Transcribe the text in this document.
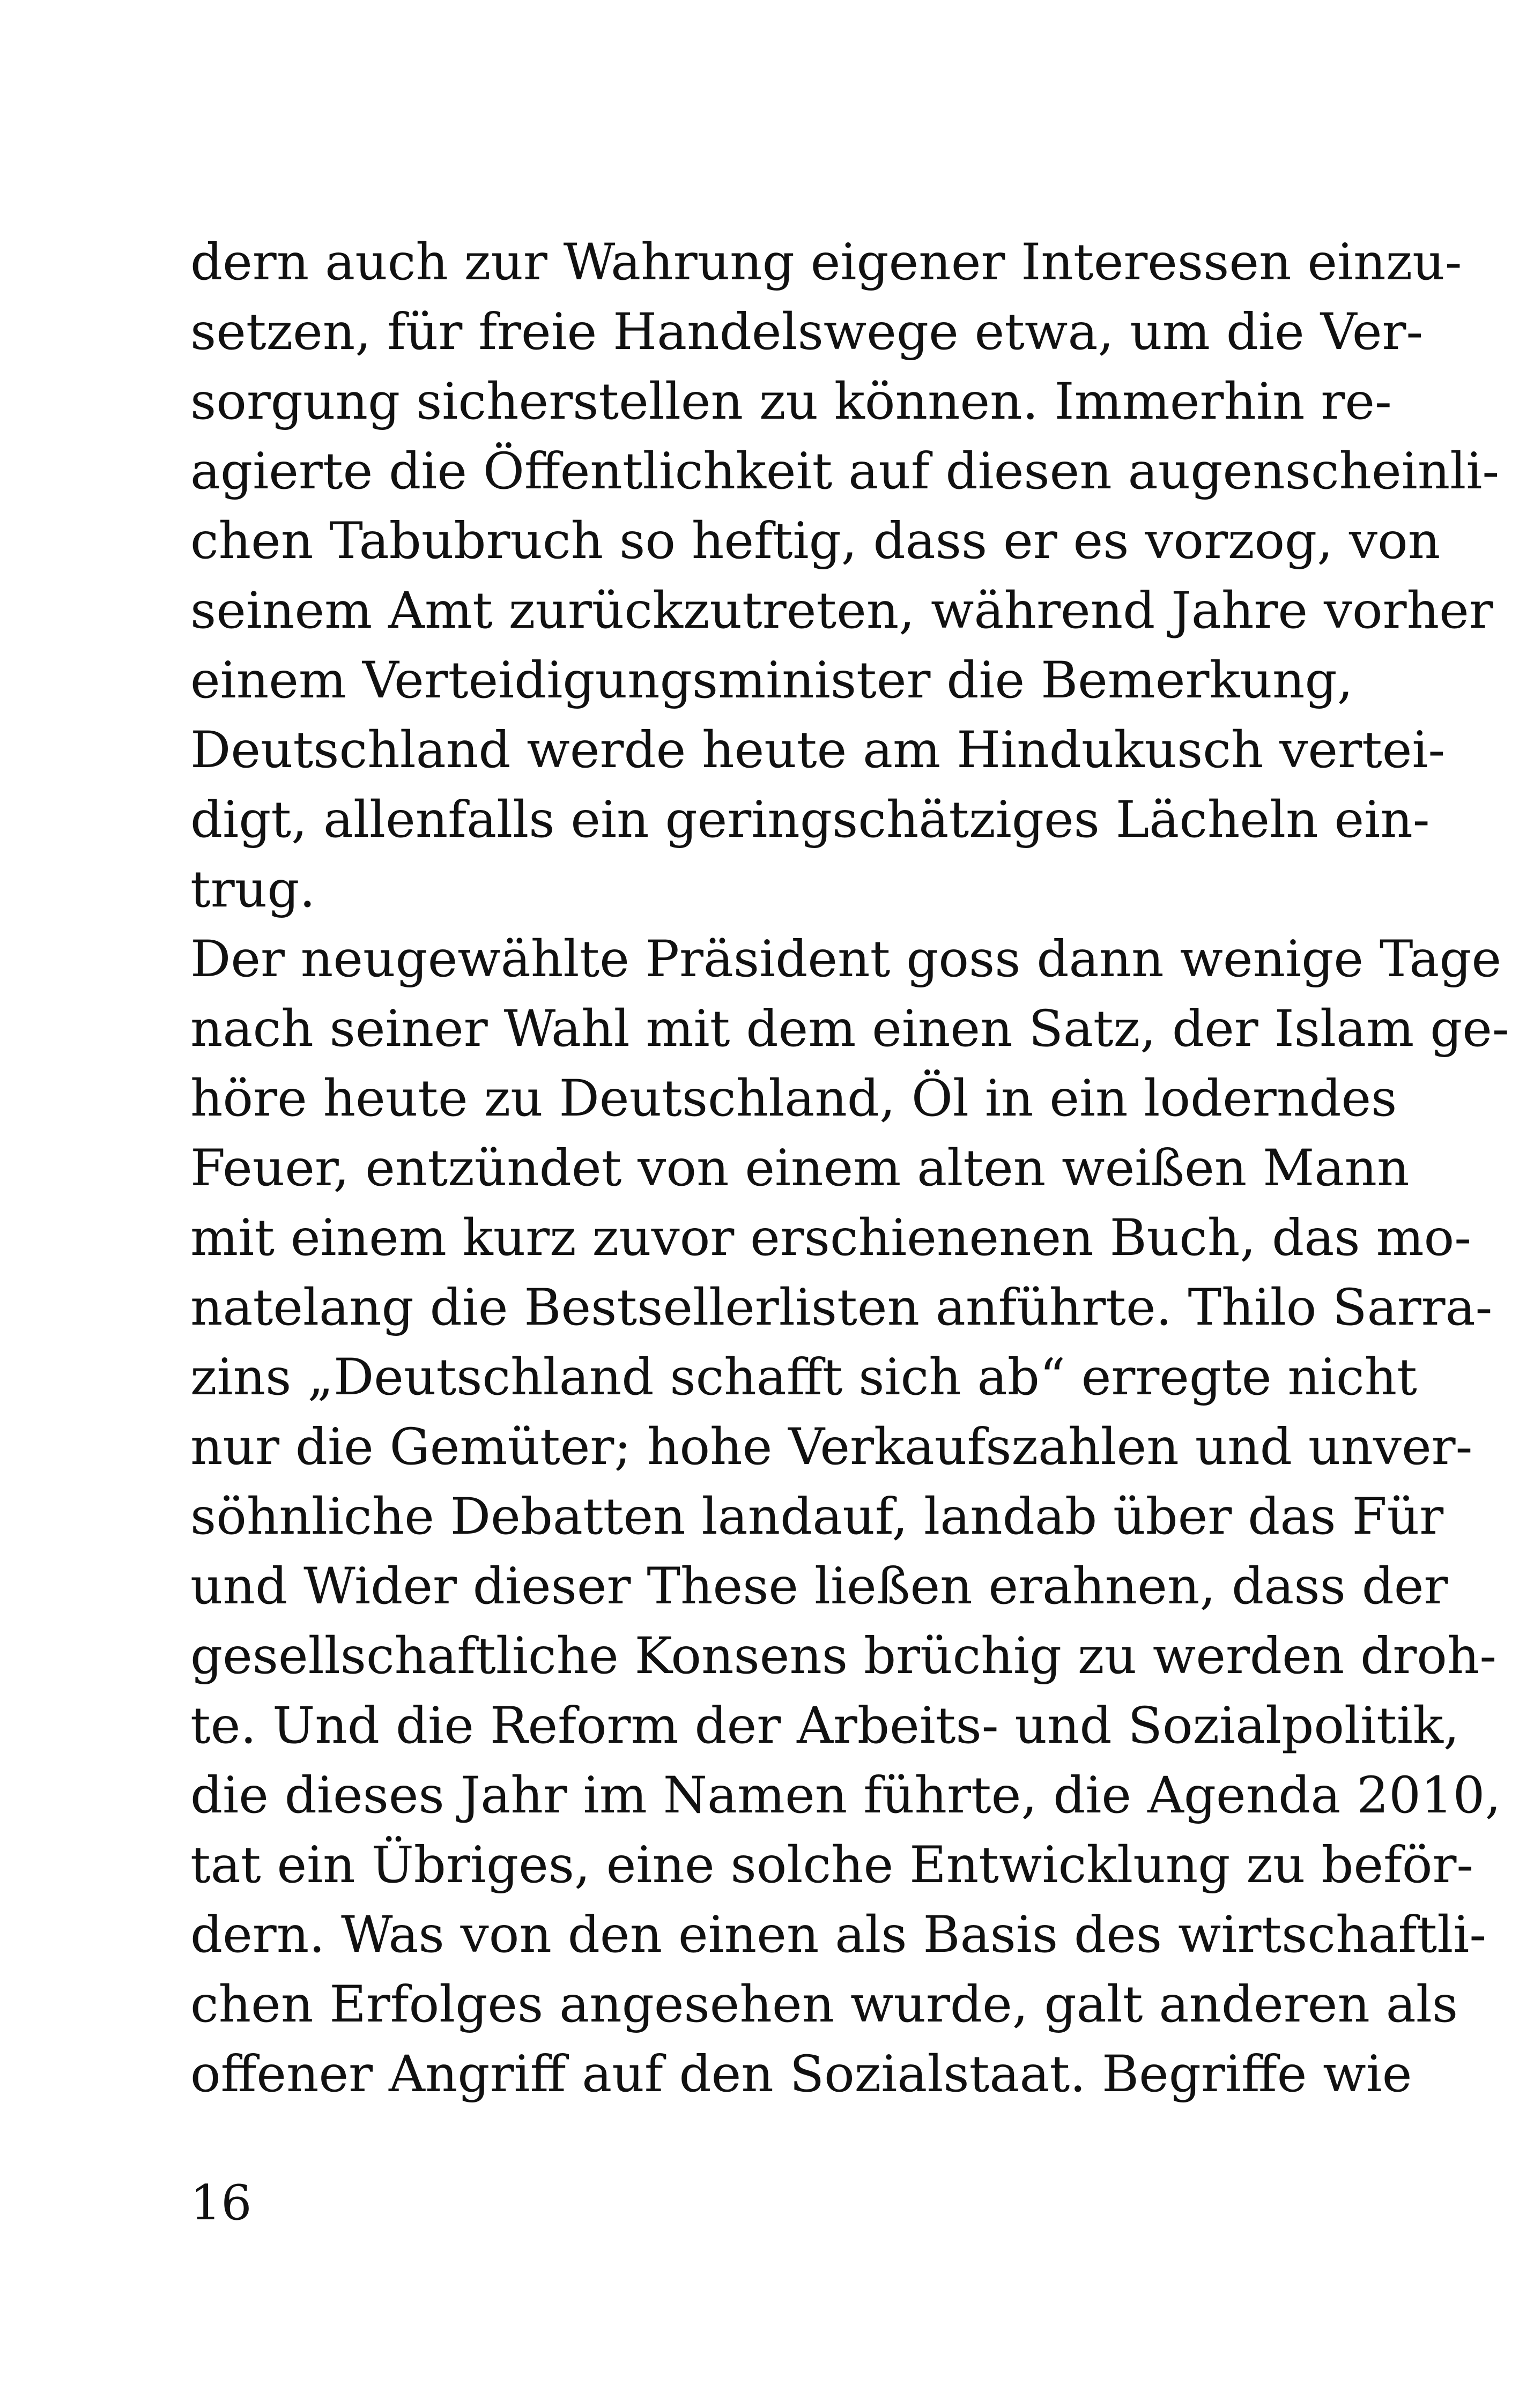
dern auch zur Wahrung eigener Interessen einzu-
setzen, für freie Handelswege etwa, um die Ver-
sorgung sicherstellen zu können. Immerhin re-
agierte die Öffentlichkeit auf diesen augenscheinli-
chen Tabubruch so heftig, dass er es vorzog, von
seinem Amt zurückzutreten, während Jahre vorher
einem Verteidigungsminister die Bemerkung,
Deutschland werde heute am Hindukusch vertei-
digt, allenfalls ein geringschätziges Lächeln ein-
trug.
Der neugewählte Präsident goss dann wenige Tage
nach seiner Wahl mit dem einen Satz, der Islam ge-
höre heute zu Deutschland, Öl in ein loderndes
Feuer, entzündet von einem alten weißen Mann
mit einem kurz zuvor erschienenen Buch, das mo-
natelang die Bestsellerlisten anführte. Thilo Sarra-
zins „Deutschland schafft sich ab“ erregte nicht
nur die Gemüter; hohe Verkaufszahlen und unver-
söhnliche Debatten landauf, landab über das Für
und Wider dieser These ließen erahnen, dass der
gesellschaftliche Konsens brüchig zu werden droh-
te. Und die Reform der Arbeits- und Sozialpolitik,
die dieses Jahr im Namen führte, die Agenda 2010,
tat ein Übriges, eine solche Entwicklung zu beför-
dern. Was von den einen als Basis des wirtschaftli-
chen Erfolges angesehen wurde, galt anderen als
offener Angriff auf den Sozialstaat. Begriffe wie
16
